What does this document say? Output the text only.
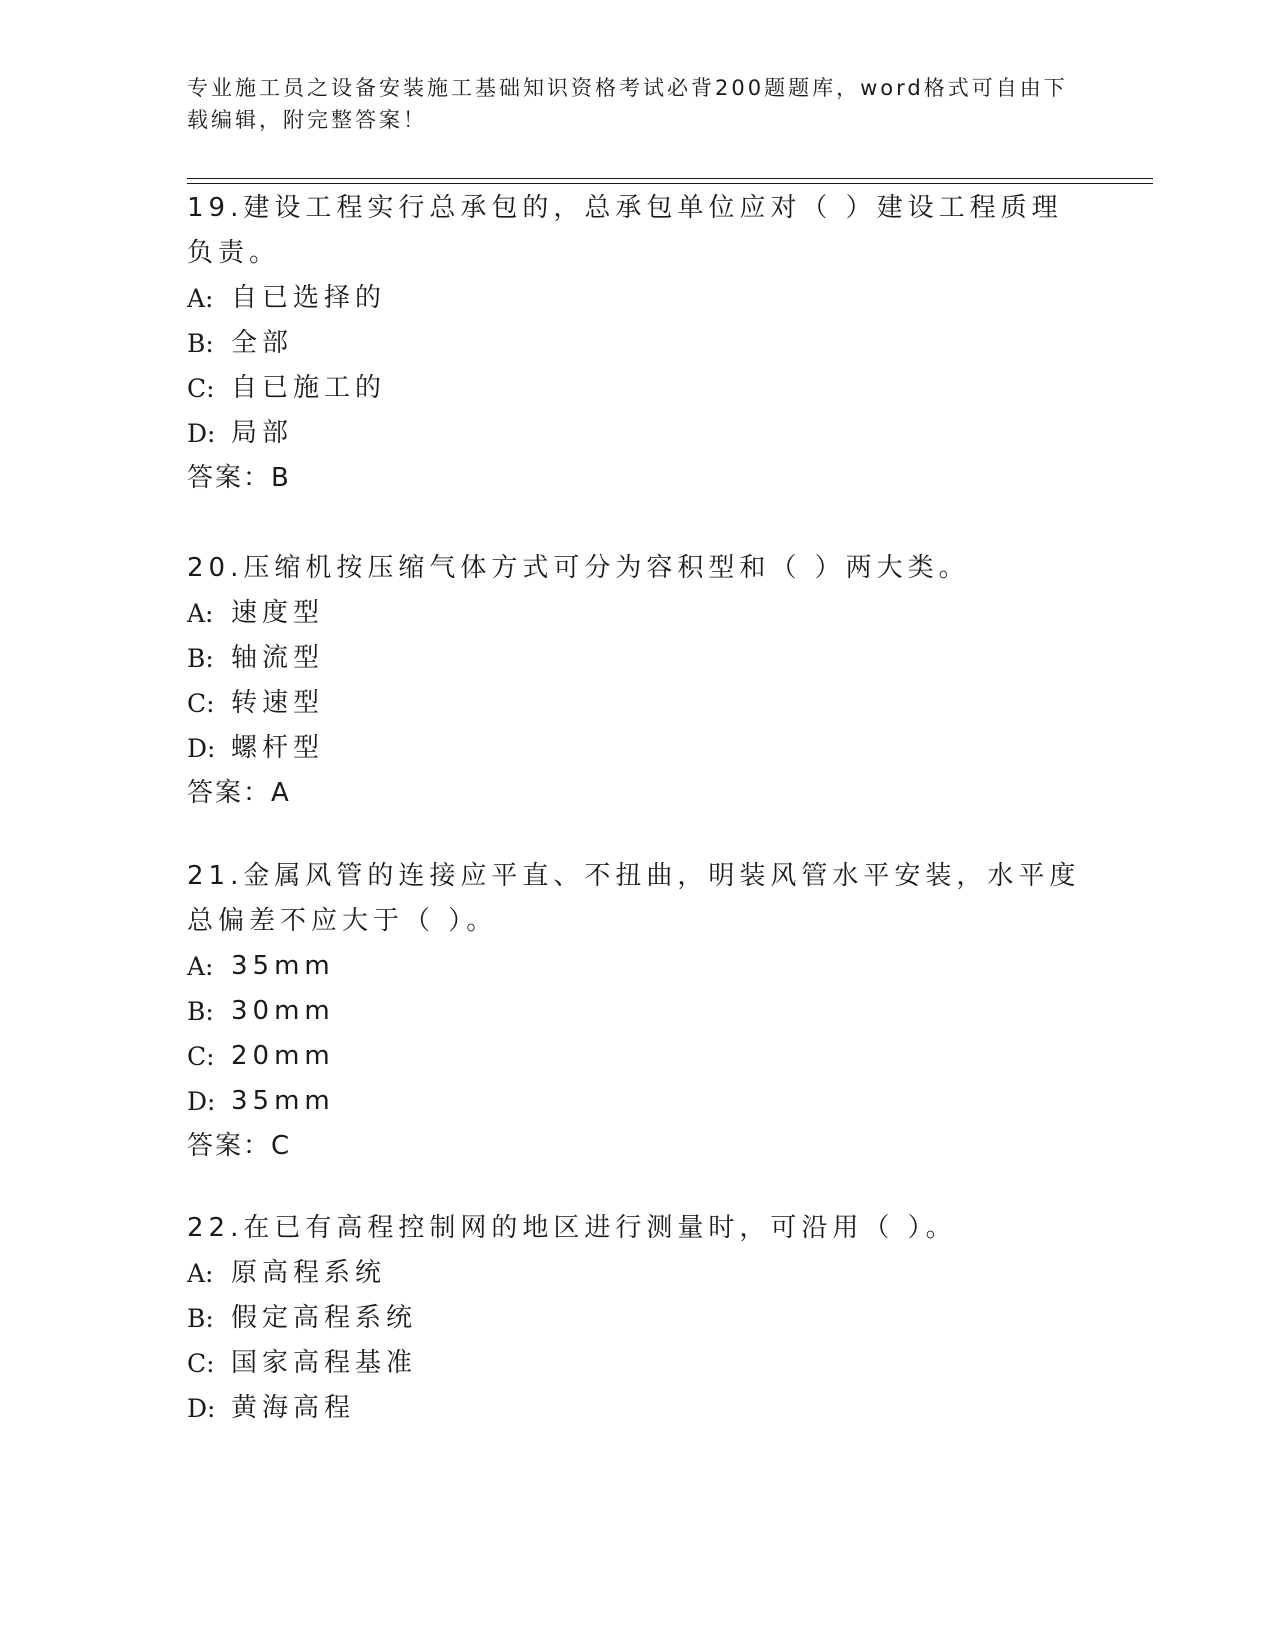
专业施工员之设备安装施工基础知识资格考试必背200题题库，word格式可自由下载编辑，附完整答案！
19.建设工程实行总承包的，总承包单位应对（ ）建设工程质理负责。
A: 自已选择的
B: 全部
C: 自已施工的
D: 局部
答案：B
20.压缩机按压缩气体方式可分为容积型和（ ）两大类。
A: 速度型
B: 轴流型
C: 转速型
D: 螺杆型
答案：A
21.金属风管的连接应平直、不扭曲，明装风管水平安装，水平度总偏差不应大于（ ）。
A: 35mm
B: 30mm
C: 20mm
D: 35mm
答案：C
22.在已有高程控制网的地区进行测量时，可沿用（ ）。
A: 原高程系统
B: 假定高程系统
C: 国家高程基准
D: 黄海高程
